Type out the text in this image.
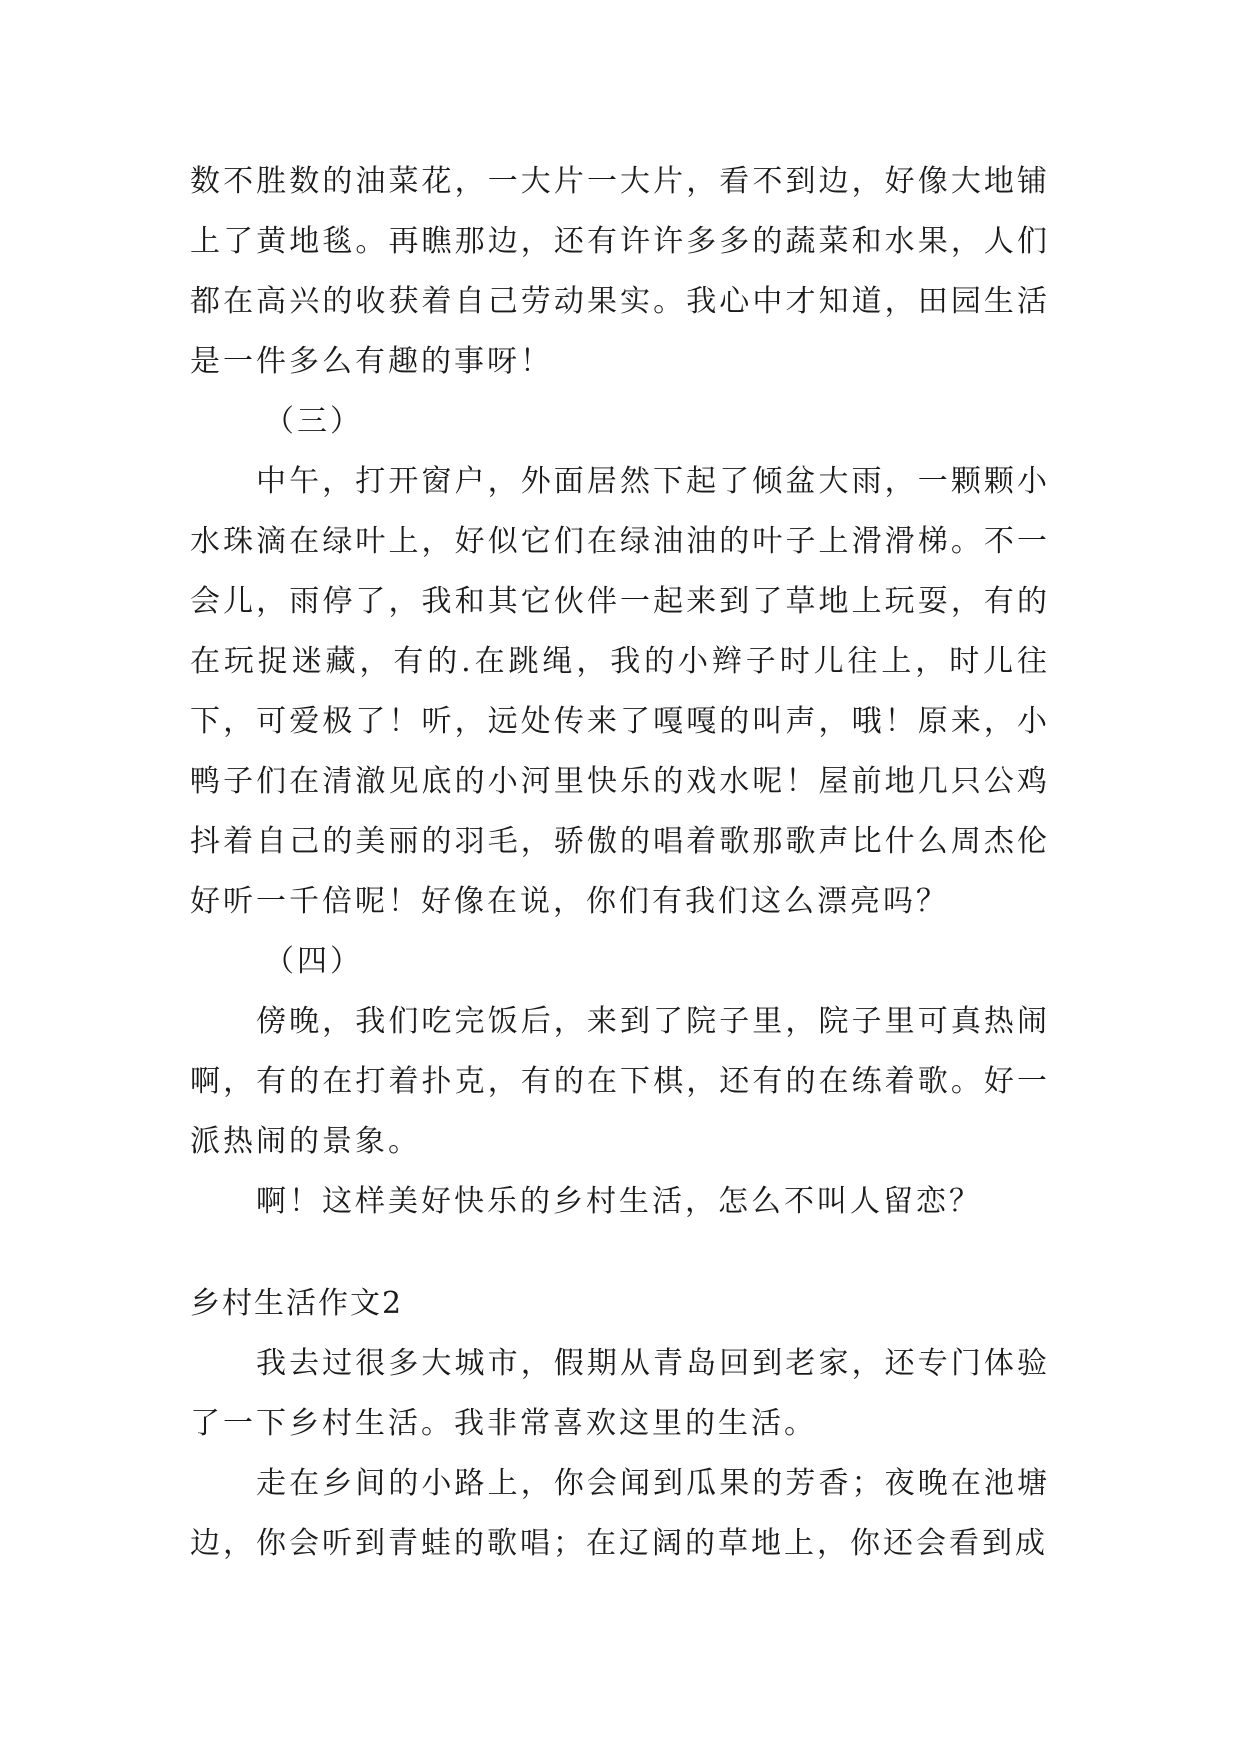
数不胜数的油菜花，一大片一大片，看不到边，好像大地铺上了黄地毯。再瞧那边，还有许许多多的蔬菜和水果，人们都在高兴的收获着自己劳动果实。我心中才知道，田园生活是一件多么有趣的事呀！

（三）

中午，打开窗户，外面居然下起了倾盆大雨，一颗颗小水珠滴在绿叶上，好似它们在绿油油的叶子上滑滑梯。不一会儿，雨停了，我和其它伙伴一起来到了草地上玩耍，有的在玩捉迷藏，有的.在跳绳，我的小辫子时儿往上，时儿往下，可爱极了！听，远处传来了嘎嘎的叫声，哦！原来，小鸭子们在清澈见底的小河里快乐的戏水呢！屋前地几只公鸡抖着自己的美丽的羽毛，骄傲的唱着歌那歌声比什么周杰伦好听一千倍呢！好像在说，你们有我们这么漂亮吗？

（四）

傍晚，我们吃完饭后，来到了院子里，院子里可真热闹啊，有的在打着扑克，有的在下棋，还有的在练着歌。好一派热闹的景象。

啊！这样美好快乐的乡村生活，怎么不叫人留恋？

乡村生活作文2

我去过很多大城市，假期从青岛回到老家，还专门体验了一下乡村生活。我非常喜欢这里的生活。

走在乡间的小路上，你会闻到瓜果的芳香；夜晚在池塘边，你会听到青蛙的歌唱；在辽阔的草地上，你还会看到成
